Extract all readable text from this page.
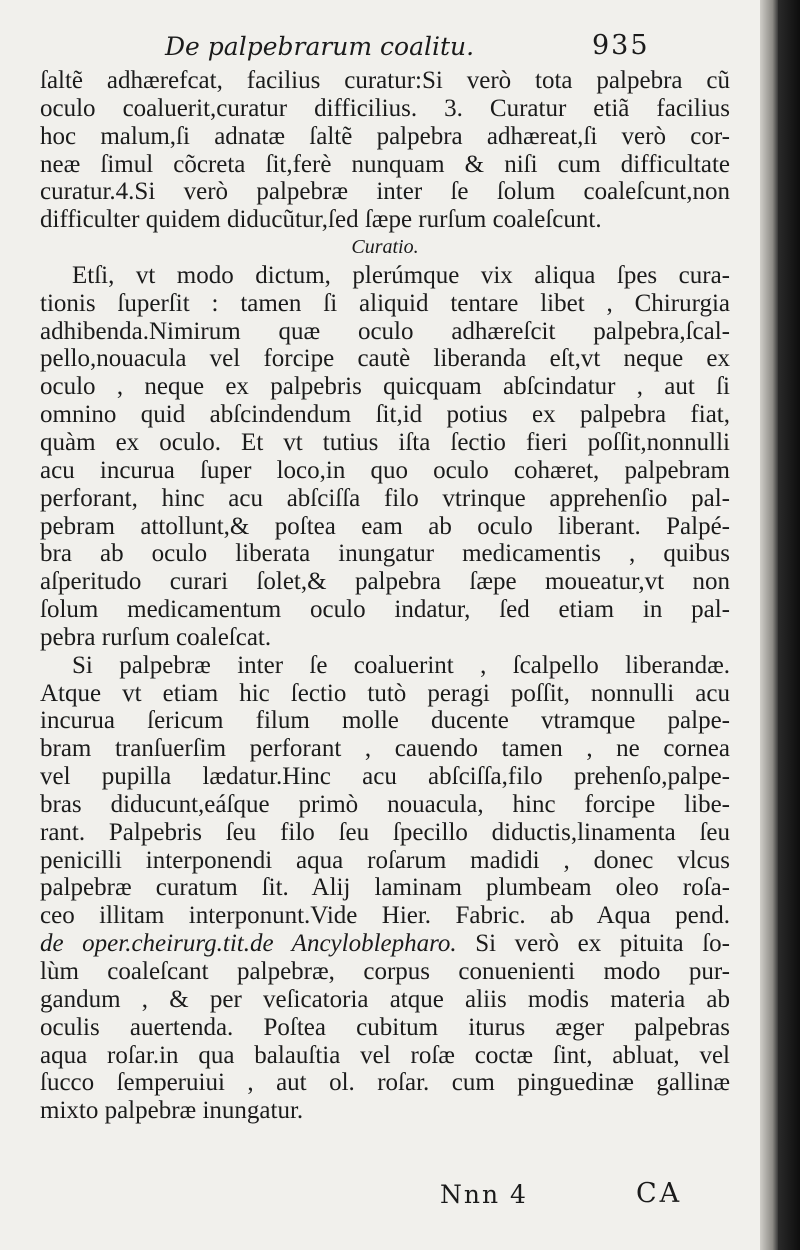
De palpebrarum coalitu.	935
ſaltẽ adhærefcat, facilius curatur:Si verò tota palpebra cũ
oculo coaluerit,curatur difficilius. 3. Curatur etiã facilius
hoc malum,ſi adnatæ ſaltẽ palpebra adhæreat,ſi verò cor-
neæ ſimul cõcreta ſit,ferè nunquam & niſi cum difficultate
curatur.4.Si verò palpebræ inter ſe ſolum coaleſcunt,non
difficulter quidem diducũtur,ſed ſæpe rurſum coaleſcunt.
Curatio.
Etſi, vt modo dictum, plerúmque vix aliqua ſpes cura-
tionis ſuperſit : tamen ſi aliquid tentare libet , Chirurgia
adhibenda.Nimirum quæ oculo adhæreſcit palpebra,ſcal-
pello,nouacula vel forcipe cautè liberanda eſt,vt neque ex
oculo , neque ex palpebris quicquam abſcindatur , aut ſi
omnino quid abſcindendum ſit,id potius ex palpebra fiat,
quàm ex oculo. Et vt tutius iſta ſectio fieri poſſit,nonnulli
acu incurua ſuper loco,in quo oculo cohæret, palpebram
perforant, hinc acu abſciſſa filo vtrinque apprehenſio pal-
pebram attollunt,& poſtea eam ab oculo liberant. Palpé-
bra ab oculo liberata inungatur medicamentis , quibus
aſperitudo curari ſolet,& palpebra ſæpe moueatur,vt non
ſolum medicamentum oculo indatur, ſed etiam in pal-
pebra rurſum coaleſcat.
Si palpebræ inter ſe coaluerint , ſcalpello liberandæ.
Atque vt etiam hic ſectio tutò peragi poſſit, nonnulli acu
incurua ſericum filum molle ducente vtramque palpe-
bram tranſuerſim perforant , cauendo tamen , ne cornea
vel pupilla lædatur.Hinc acu abſciſſa,filo prehenſo,palpe-
bras diducunt,eáſque primò nouacula, hinc forcipe libe-
rant. Palpebris ſeu filo ſeu ſpecillo diductis,linamenta ſeu
penicilli interponendi aqua roſarum madidi , donec vlcus
palpebræ curatum ſit. Alij laminam plumbeam oleo roſa-
ceo illitam interponunt.Vide Hier. Fabric. ab Aqua pend.
de oper.cheirurg.tit.de Ancyloblepharo. Si verò ex pituita ſo-
lùm coaleſcant palpebræ, corpus conuenienti modo pur-
gandum , & per veſicatoria atque aliis modis materia ab
oculis auertenda. Poſtea cubitum iturus æger palpebras
aqua roſar.in qua balauſtia vel roſæ coctæ ſint, abluat, vel
ſucco ſemperuiui , aut ol. roſar. cum pinguedinæ gallinæ
mixto palpebræ inungatur.
Nnn 4	CA
